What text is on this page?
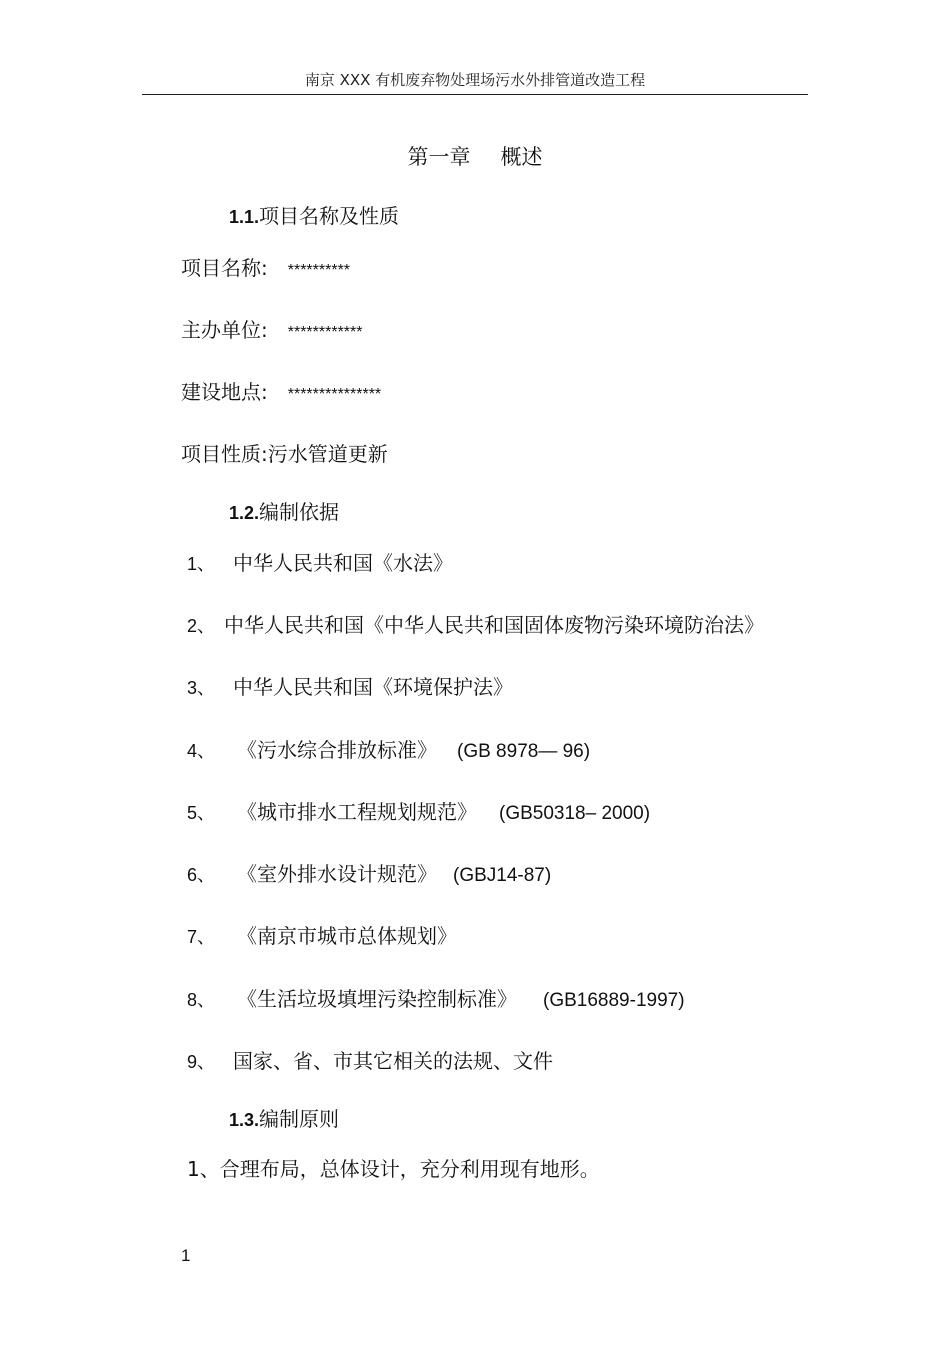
南京 XXX 有机废弃物处理场污水外排管道改造工程
第一章 概述
1.1.项目名称及性质
项目名称: **********
主办单位: ************
建设地点: ***************
项目性质:污水管道更新
1.2.编制依据
1、 中华人民共和国《水法》
2、 中华人民共和国《中华人民共和国固体废物污染环境防治法》
3、 中华人民共和国《环境保护法》
4、 《污水综合排放标准》 (GB 8978— 96)
5、 《城市排水工程规划规范》 (GB50318– 2000)
6、 《室外排水设计规范》 (GBJ14-87)
7、 《南京市城市总体规划》
8、 《生活垃圾填埋污染控制标准》 (GB16889-1997)
9、 国家、省、市其它相关的法规、文件
1.3.编制原则
1、合理布局，总体设计，充分利用现有地形。
1
